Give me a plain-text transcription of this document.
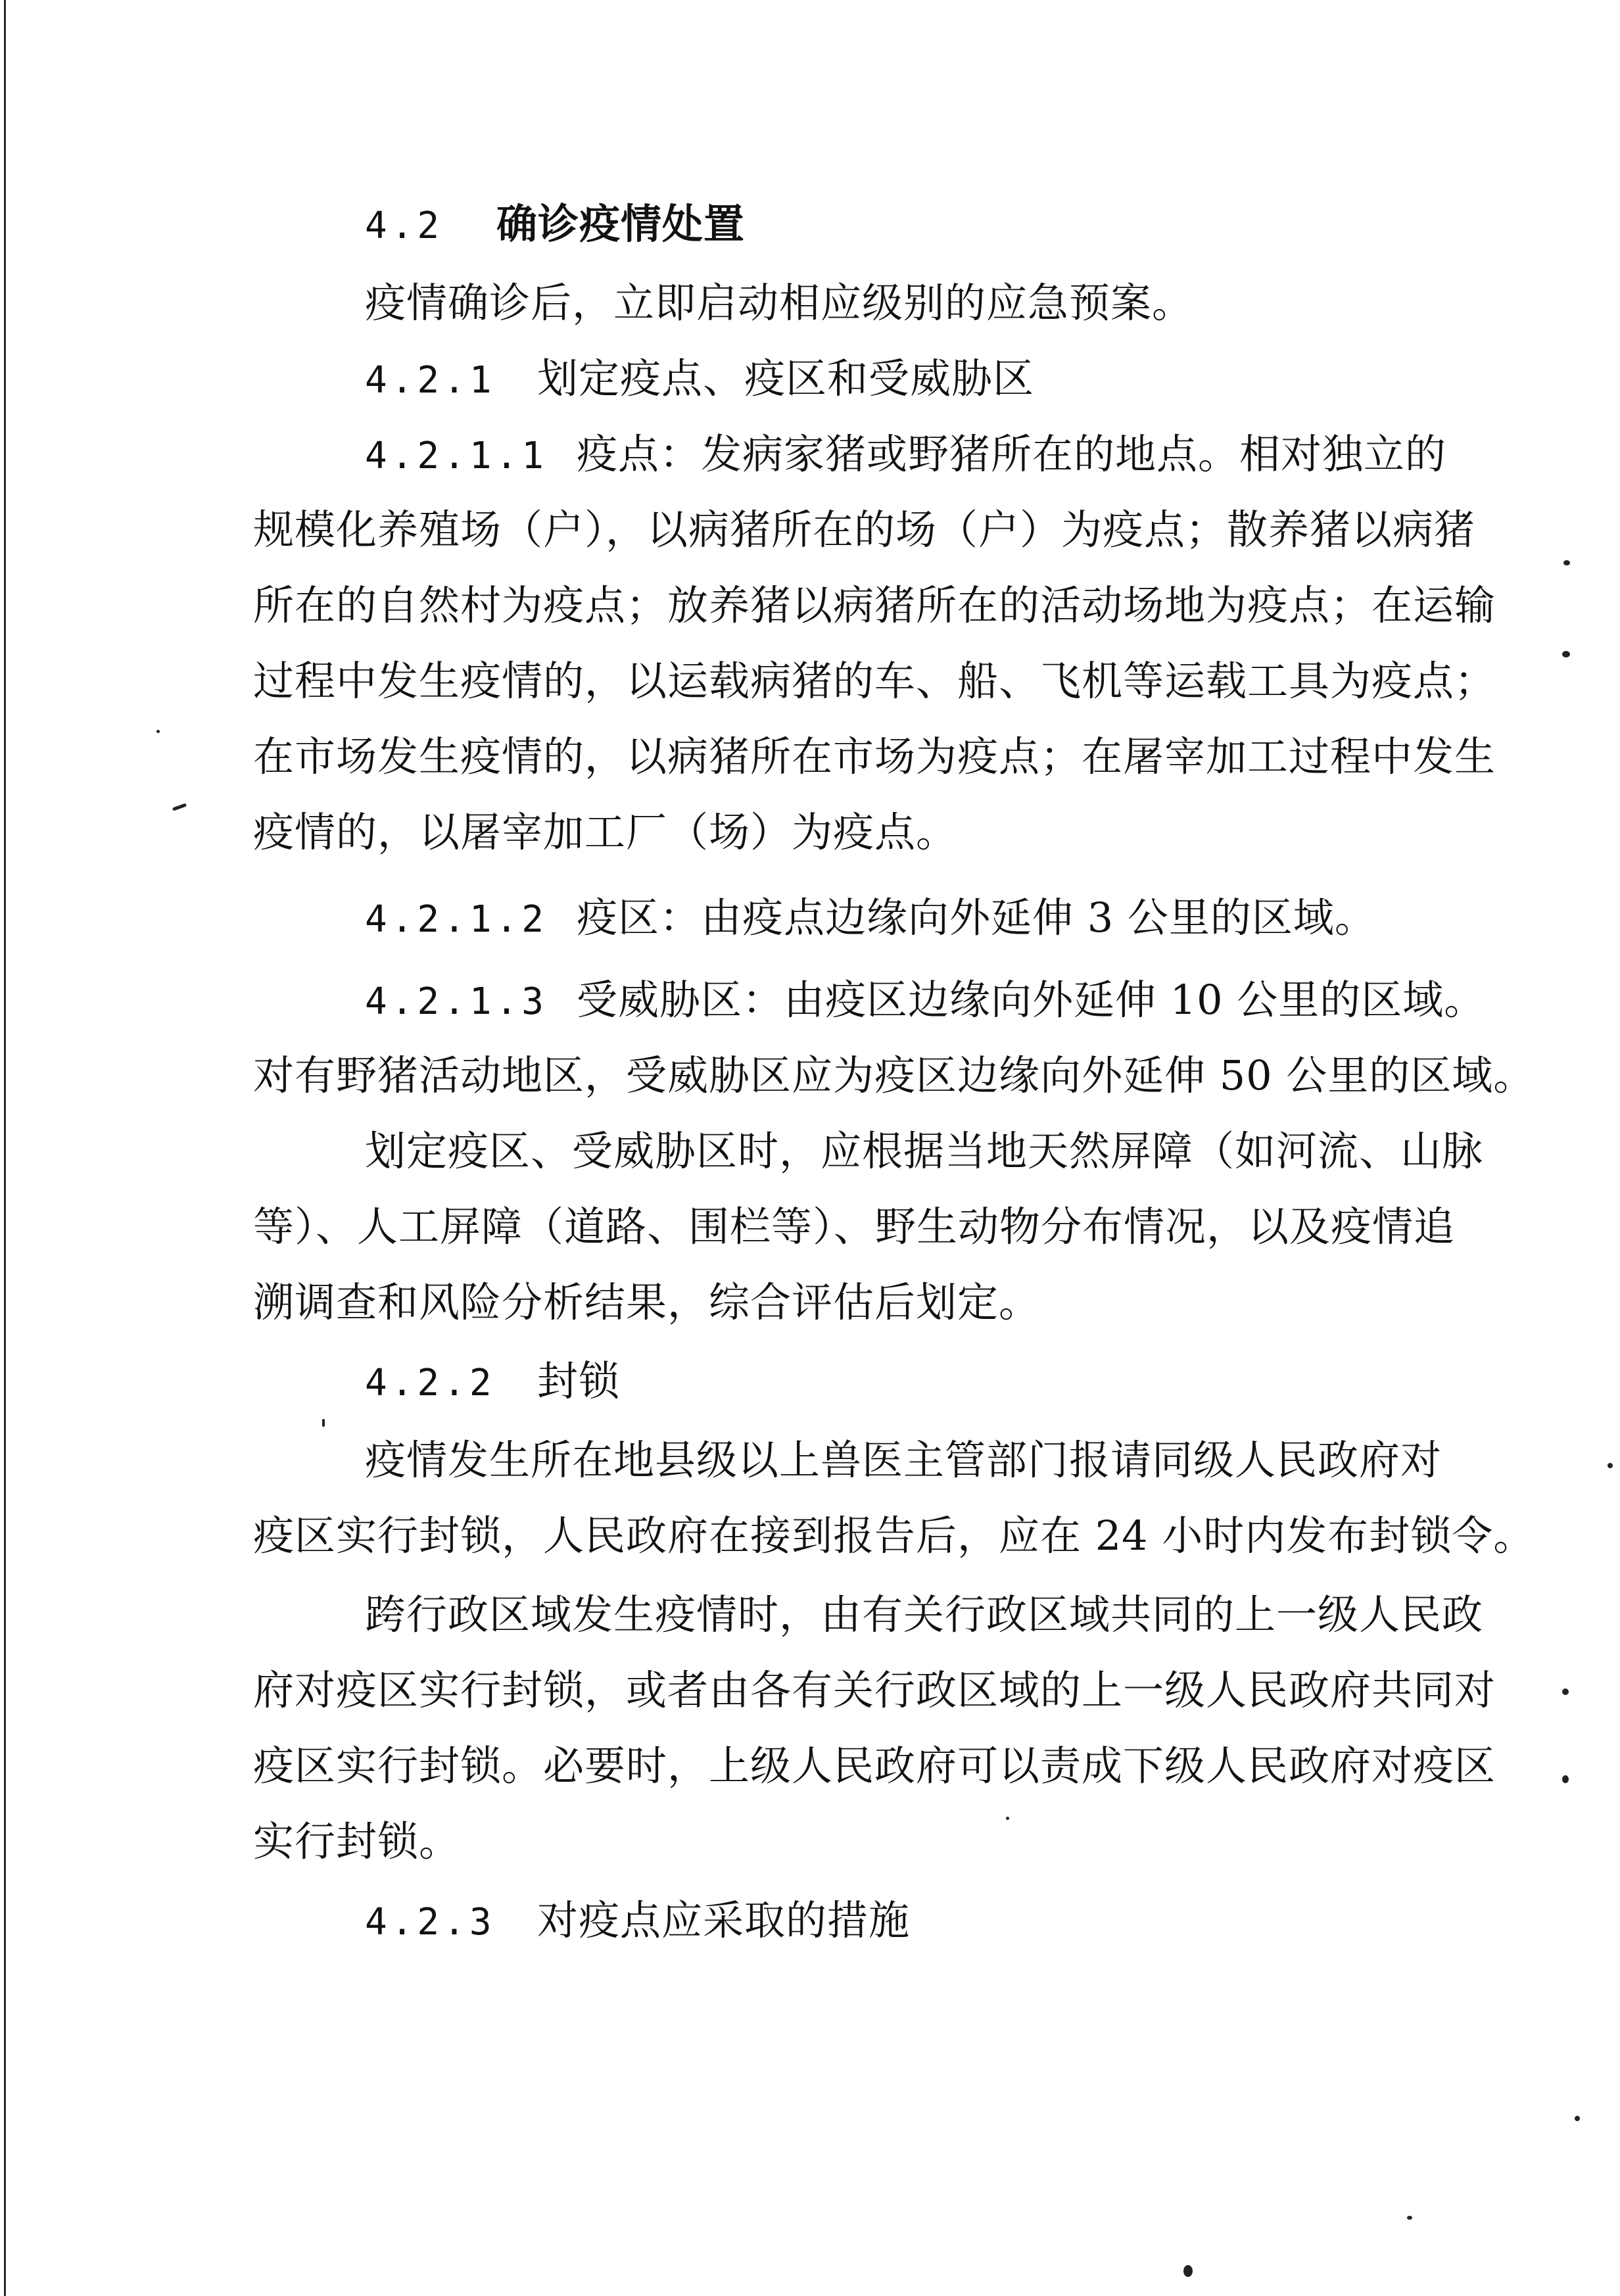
4.2 确诊疫情处置
疫情确诊后，立即启动相应级别的应急预案。
4.2.1 划定疫点、疫区和受威胁区
4.2.1.1 疫点：发病家猪或野猪所在的地点。相对独立的
规模化养殖场（户），以病猪所在的场（户）为疫点；散养猪以病猪
所在的自然村为疫点；放养猪以病猪所在的活动场地为疫点；在运输
过程中发生疫情的，以运载病猪的车、船、飞机等运载工具为疫点；
在市场发生疫情的，以病猪所在市场为疫点；在屠宰加工过程中发生
疫情的，以屠宰加工厂（场）为疫点。
4.2.1.2 疫区：由疫点边缘向外延伸 3 公里的区域。
4.2.1.3 受威胁区：由疫区边缘向外延伸 10 公里的区域。
对有野猪活动地区，受威胁区应为疫区边缘向外延伸 50 公里的区域。
划定疫区、受威胁区时，应根据当地天然屏障（如河流、山脉
等）、人工屏障（道路、围栏等）、野生动物分布情况，以及疫情追
溯调查和风险分析结果，综合评估后划定。
4.2.2 封锁
疫情发生所在地县级以上兽医主管部门报请同级人民政府对
疫区实行封锁，人民政府在接到报告后，应在 24 小时内发布封锁令。
跨行政区域发生疫情时，由有关行政区域共同的上一级人民政
府对疫区实行封锁，或者由各有关行政区域的上一级人民政府共同对
疫区实行封锁。必要时，上级人民政府可以责成下级人民政府对疫区
实行封锁。
4.2.3 对疫点应采取的措施
